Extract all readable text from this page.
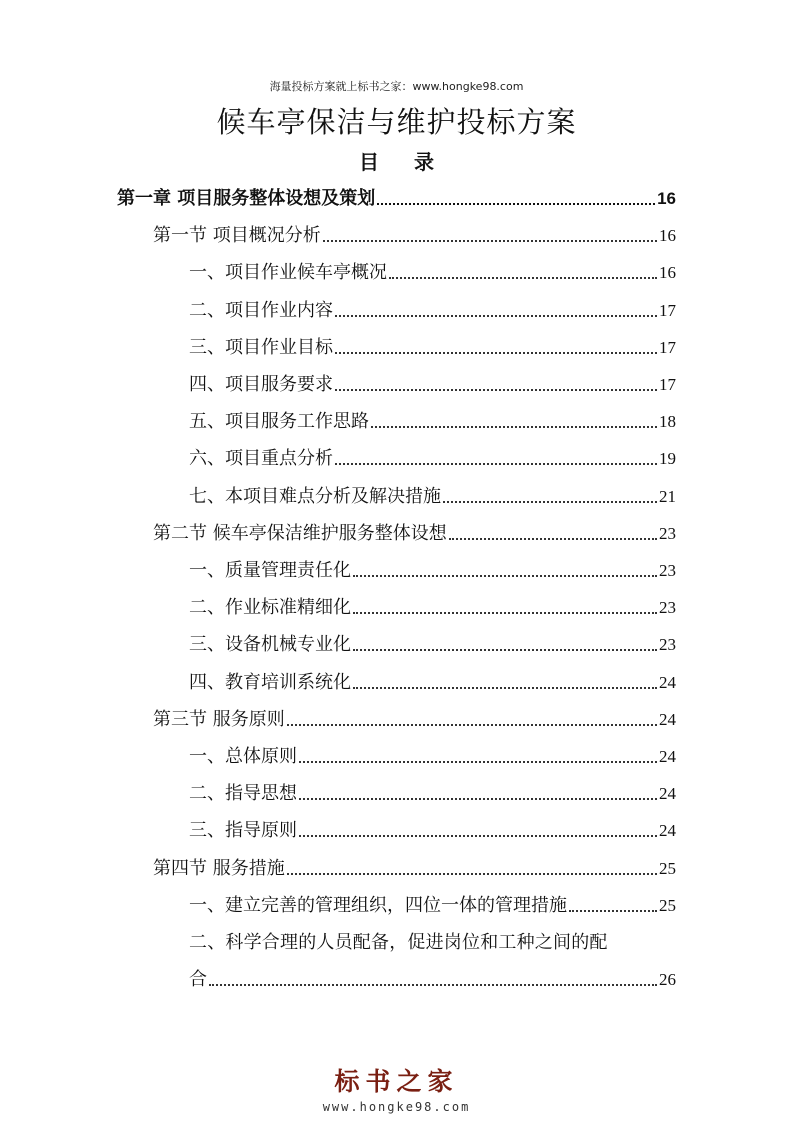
海量投标方案就上标书之家：www.hongke98.com
候车亭保洁与维护投标方案
目 录
第一章 项目服务整体设想及策划	16
第一节 项目概况分析	16
一、项目作业候车亭概况	16
二、项目作业内容	17
三、项目作业目标	17
四、项目服务要求	17
五、项目服务工作思路	18
六、项目重点分析	19
七、本项目难点分析及解决措施	21
第二节 候车亭保洁维护服务整体设想	23
一、质量管理责任化	23
二、作业标准精细化	23
三、设备机械专业化	23
四、教育培训系统化	24
第三节 服务原则	24
一、总体原则	24
二、指导思想	24
三、指导原则	24
第四节 服务措施	25
一、建立完善的管理组织，四位一体的管理措施	25
二、科学合理的人员配备，促进岗位和工种之间的配
合	26
标书之家
www.hongke98.com
